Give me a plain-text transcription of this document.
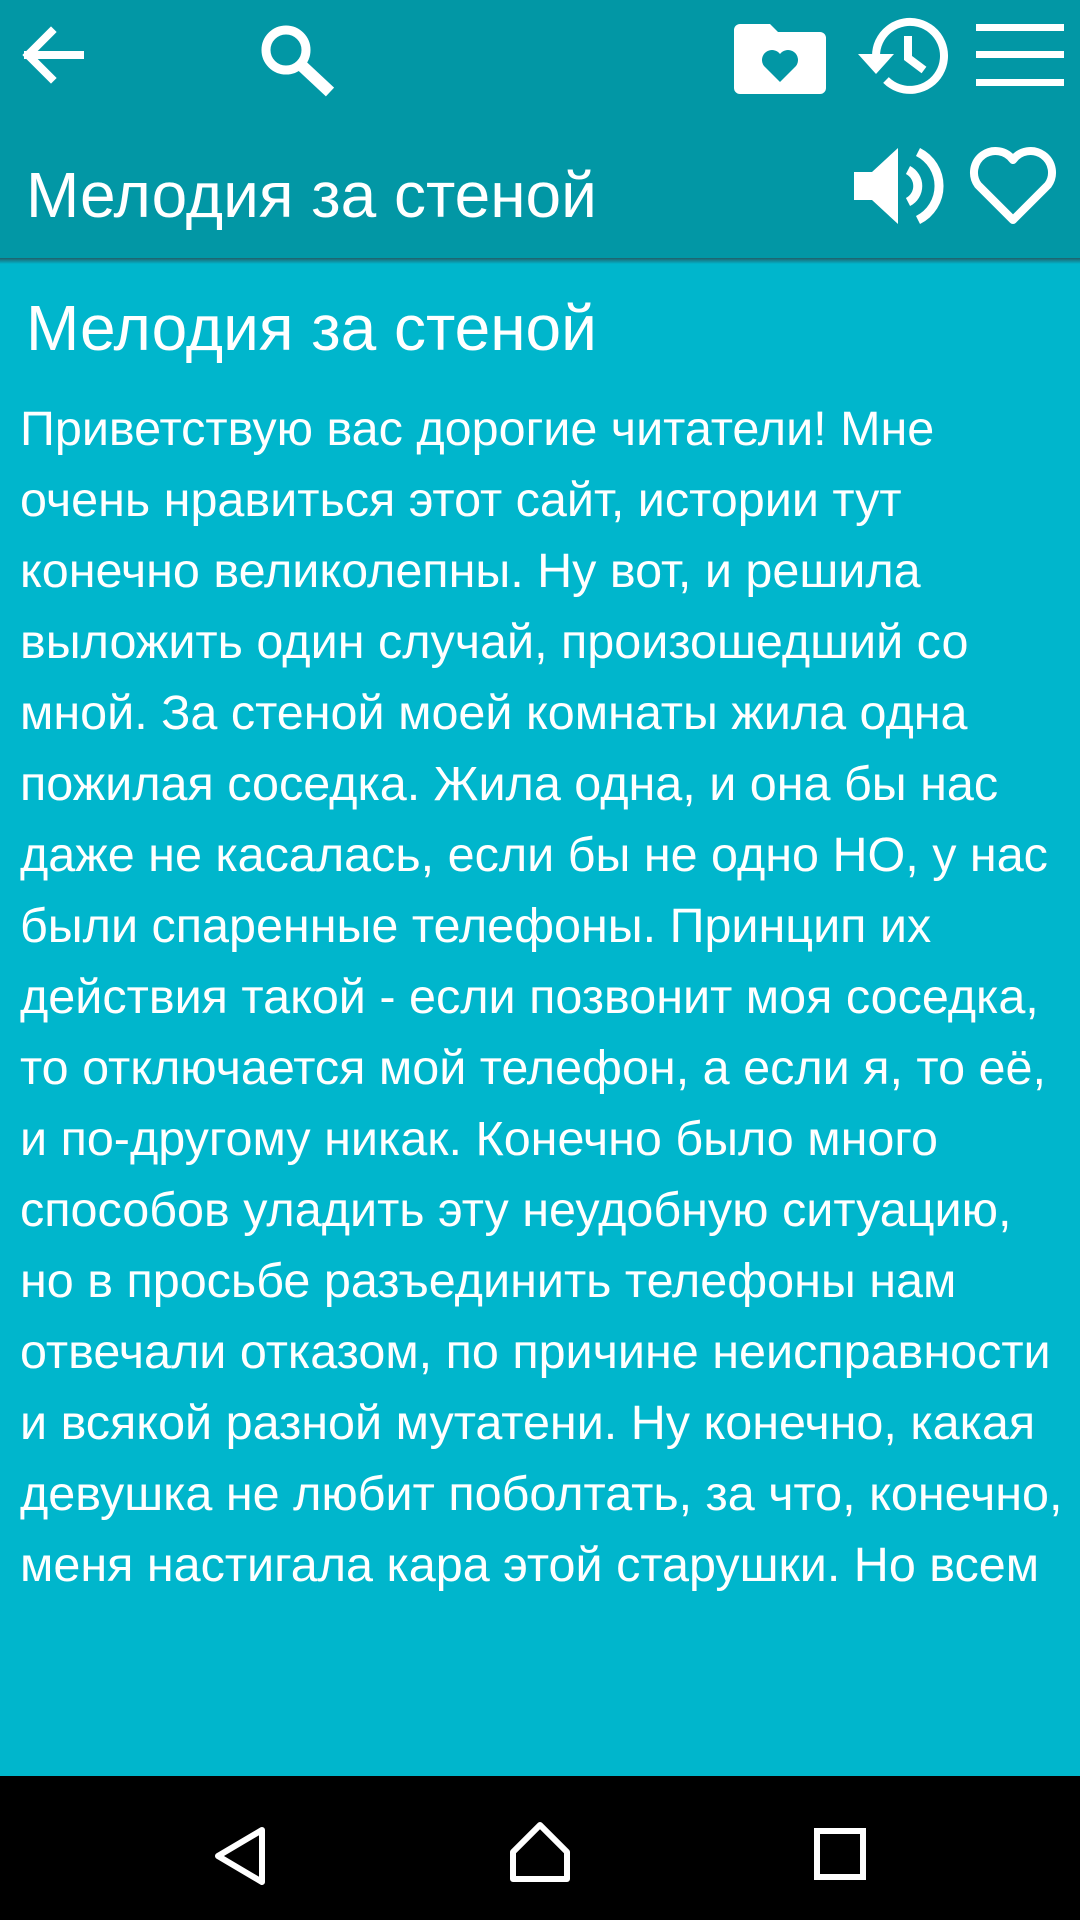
Мелодия за стеной
Мелодия за стеной

Приветствую вас дорогие читатели! Мне очень нравиться этот сайт, истории тут конечно великолепны. Ну вот, и решила выложить один случай, произошедший со мной. За стеной моей комнаты жила одна пожилая соседка. Жила одна, и она бы нас даже не касалась, если бы не одно НО, у нас были спаренные телефоны. Принцип их действия такой - если позвонит моя соседка, то отключается мой телефон, а если я, то её, и по-другому никак. Конечно было много способов уладить эту неудобную ситуацию, но в просьбе разъединить телефоны нам отвечали отказом, по причине неисправности и всякой разной мутатени. Ну конечно, какая девушка не любит поболтать, за что, конечно, меня настигала кара этой старушки. Но всем
